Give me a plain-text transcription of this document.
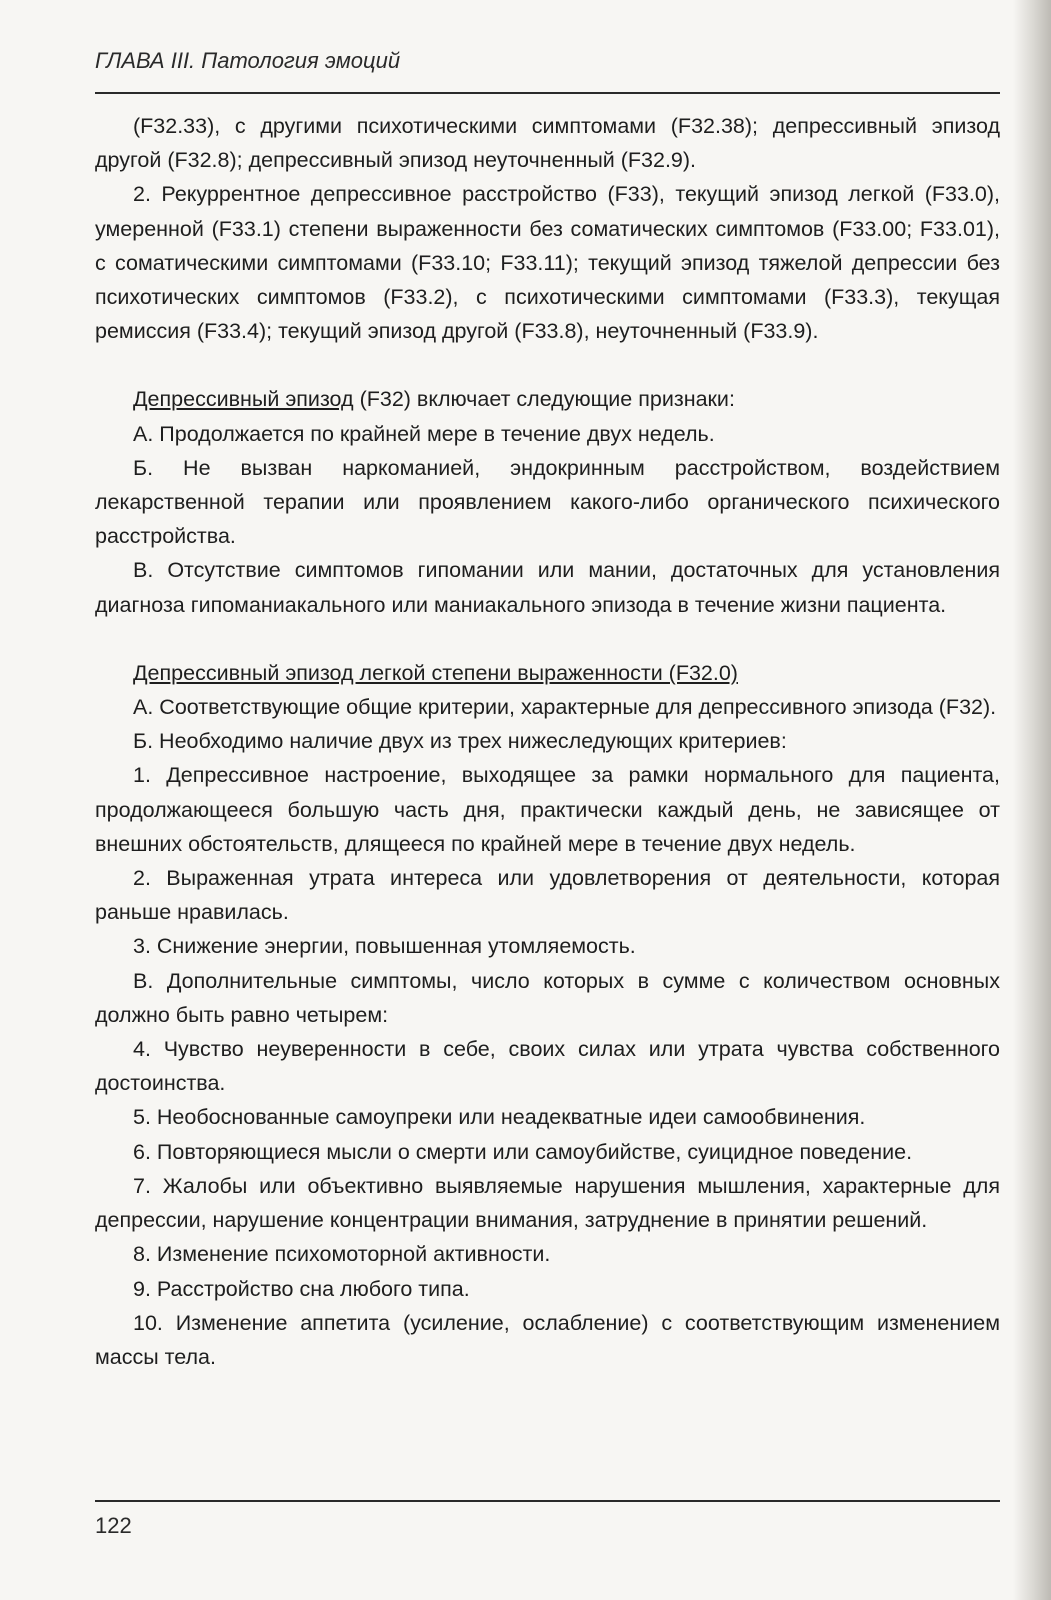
ГЛАВА III. Патология эмоций

(F32.33), с другими психотическими симптомами (F32.38); депрессивный эпизод другой (F32.8); депрессивный эпизод неуточненный (F32.9).

2. Рекуррентное депрессивное расстройство (F33), текущий эпизод легкой (F33.0), умеренной (F33.1) степени выраженности без соматических симптомов (F33.00; F33.01), с соматическими симптомами (F33.10; F33.11); текущий эпизод тяжелой депрессии без психотических симптомов (F33.2), с психотическими симптомами (F33.3), текущая ремиссия (F33.4); текущий эпизод другой (F33.8), неуточненный (F33.9).

Депрессивный эпизод (F32) включает следующие признаки:

А. Продолжается по крайней мере в течение двух недель.

Б. Не вызван наркоманией, эндокринным расстройством, воздействием лекарственной терапии или проявлением какого-либо органического психического расстройства.

В. Отсутствие симптомов гипомании или мании, достаточных для установления диагноза гипоманиакального или маниакального эпизода в течение жизни пациента.

Депрессивный эпизод легкой степени выраженности (F32.0)

А. Соответствующие общие критерии, характерные для депрессивного эпизода (F32).

Б. Необходимо наличие двух из трех нижеследующих критериев:

1. Депрессивное настроение, выходящее за рамки нормального для пациента, продолжающееся большую часть дня, практически каждый день, не зависящее от внешних обстоятельств, длящееся по крайней мере в течение двух недель.

2. Выраженная утрата интереса или удовлетворения от деятельности, которая раньше нравилась.

3. Снижение энергии, повышенная утомляемость.

В. Дополнительные симптомы, число которых в сумме с количеством основных должно быть равно четырем:

4. Чувство неуверенности в себе, своих силах или утрата чувства собственного достоинства.

5. Необоснованные самоупреки или неадекватные идеи самообвинения.

6. Повторяющиеся мысли о смерти или самоубийстве, суицидное поведение.

7. Жалобы или объективно выявляемые нарушения мышления, характерные для депрессии, нарушение концентрации внимания, затруднение в принятии решений.

8. Изменение психомоторной активности.

9. Расстройство сна любого типа.

10. Изменение аппетита (усиление, ослабление) с соответствующим изменением массы тела.

122
